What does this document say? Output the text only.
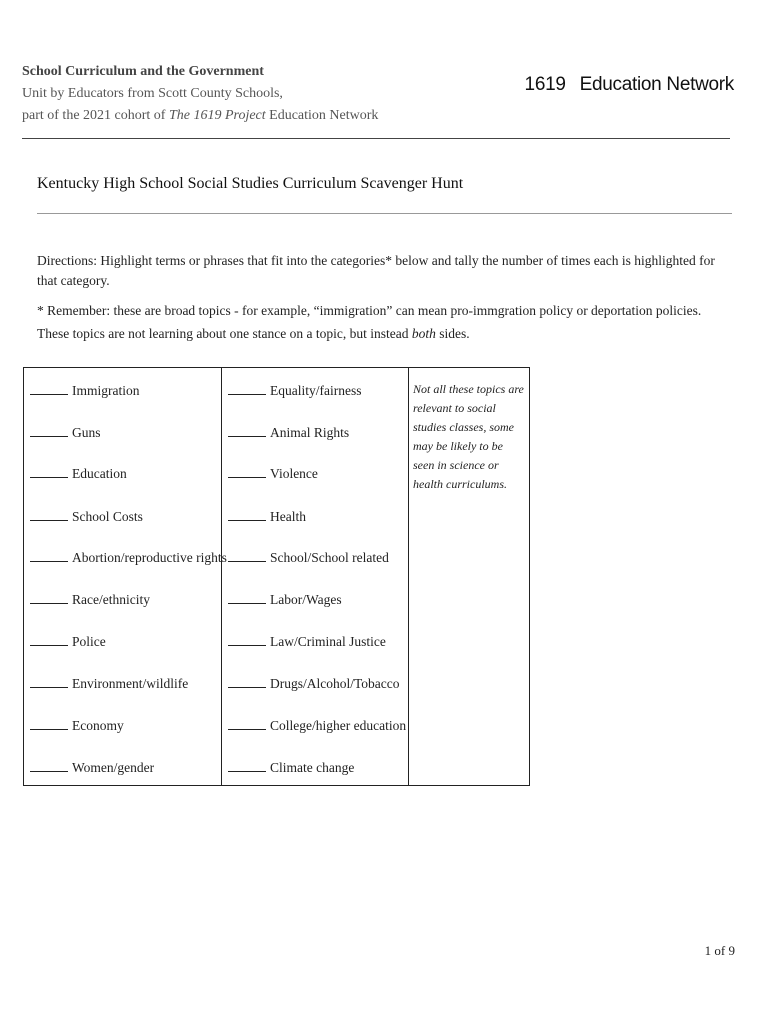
School Curriculum and the Government
Unit by Educators from Scott County Schools,
part of the 2021 cohort of The 1619 Project Education Network
1619 Education Network
Kentucky High School Social Studies Curriculum Scavenger Hunt
Directions: Highlight terms or phrases that fit into the categories* below and tally the number of times each is highlighted for that category.
* Remember: these are broad topics - for example, “immigration” can mean pro-immgration policy or deportation policies. These topics are not learning about one stance on a topic, but instead both sides.
Immigration
Guns
Education
School Costs
Abortion/reproductive rights
Race/ethnicity
Police
Environment/wildlife
Economy
Women/gender
Equality/fairness
Animal Rights
Violence
Health
School/School related
Labor/Wages
Law/Criminal Justice
Drugs/Alcohol/Tobacco
College/higher education
Climate change
Not all these topics are relevant to social studies classes, some may be likely to be seen in science or health curriculums.
1 of 9
